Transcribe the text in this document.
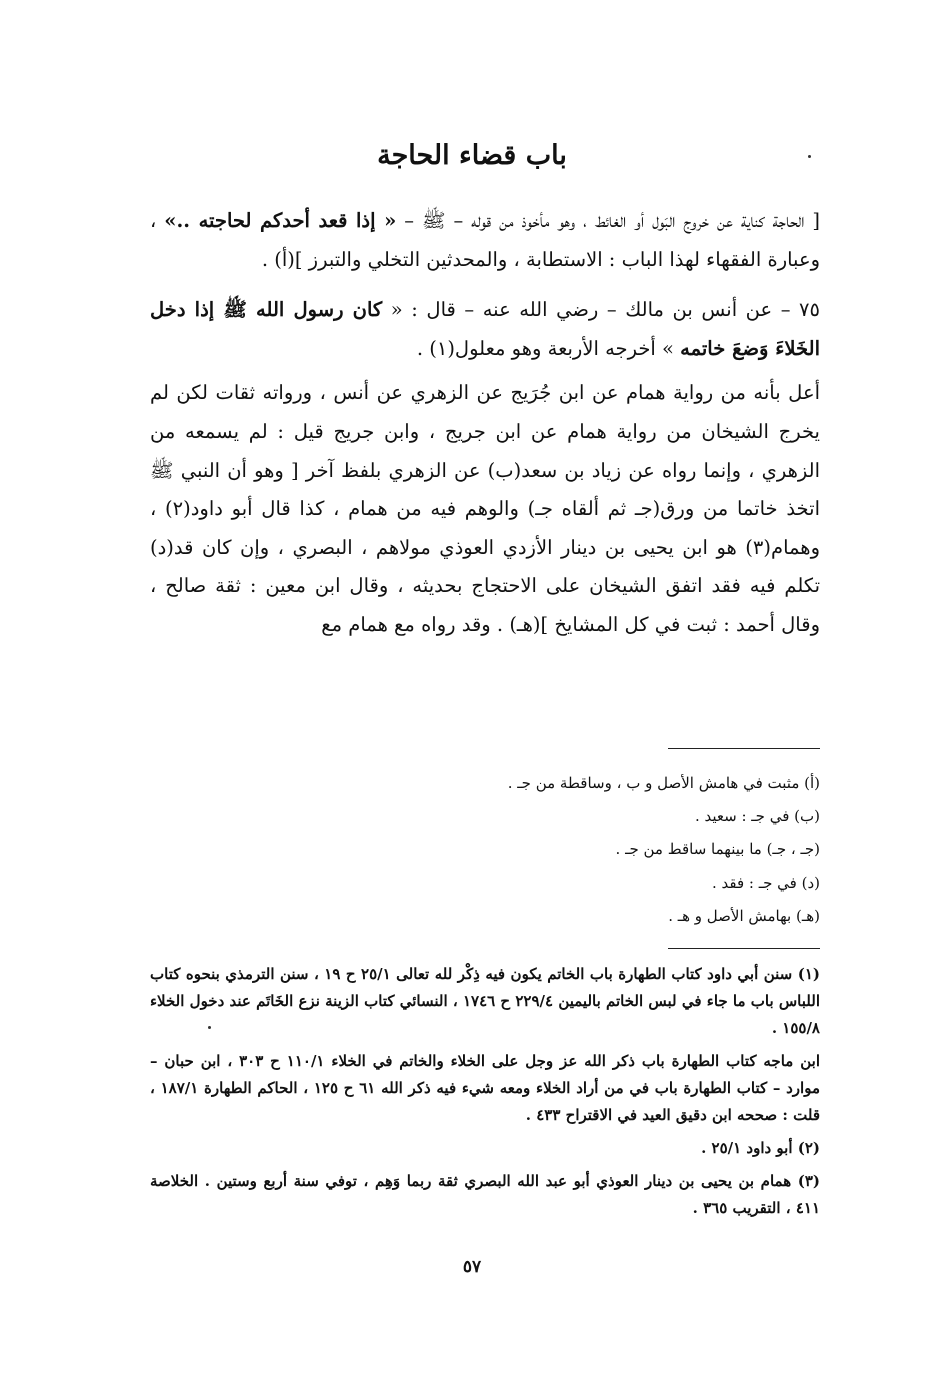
باب قضاء الحاجة

[ الحاجة كناية عن خروج البَول أو الغائط ، وهو مأخوذ من قوله – ﷺ – « إذا قعد أحدكم لحاجته ..» ، وعبارة الفقهاء لهذا الباب : الاستطابة ، والمحدثين التخلي والتبرز ](أ) .

٧٥ – عن أنس بن مالك – رضي الله عنه – قال : « كان رسول الله ﷺ إذا دخل الخَلاءَ وَضعَ خاتمه » أخرجه الأربعة وهو معلول(١) .

أعل بأنه من رواية همام عن ابن جُرَيج عن الزهري عن أنس ، ورواته ثقات لكن لم يخرج الشيخان من رواية همام عن ابن جريج ، وابن جريج قيل : لم يسمعه من الزهري ، وإنما رواه عن زياد بن سعد(ب) عن الزهري بلفظ آخر [ وهو أن النبي ﷺ اتخذ خاتما من ورق(جـ ثم ألقاه جـ) والوهم فيه من همام ، كذا قال أبو داود(٢) ، وهمام(٣) هو ابن يحيى بن دينار الأزدي العوذي مولاهم ، البصري ، وإن كان قد(د) تكلم فيه فقد اتفق الشيخان على الاحتجاج بحديثه ، وقال ابن معين : ثقة صالح ، وقال أحمد : ثبت في كل المشايخ ](هـ) . وقد رواه مع همام مع

(أ) مثبت في هامش الأصل و ب ، وساقطة من جـ .

(ب) في جـ : سعيد .

(جـ ، جـ) ما بينهما ساقط من جـ .

(د) في جـ : فقد .

(هـ) بهامش الأصل و هـ .

(١) سنن أبي داود كتاب الطهارة باب الخاتم يكون فيه ذِكْر لله تعالى ٢٥/١ ح ١٩ ، سنن الترمذي بنحوه كتاب اللباس باب ما جاء في لبس الخاتم باليمين ٢٢٩/٤ ح ١٧٤٦ ، النسائي كتاب الزينة نزع الخَاتَم عند دخول الخلاء ١٥٥/٨ .

ابن ماجه كتاب الطهارة باب ذكر الله عز وجل على الخلاء والخاتم في الخلاء ١١٠/١ ح ٣٠٣ ، ابن حبان – موارد – كتاب الطهارة باب في من أراد الخلاء ومعه شيء فيه ذكر الله ٦١ ح ١٢٥ ، الحاكم الطهارة ١٨٧/١ ، قلت : صححه ابن دقيق العيد في الاقتراح ٤٣٣ .

(٢) أبو داود ٢٥/١ .

(٣) همام بن يحيى بن دينار العوذي أبو عبد الله البصري ثقة ربما وَهِم ، توفي سنة أربع وستين . الخلاصة ٤١١ ، التقريب ٣٦٥ .

٥٧
